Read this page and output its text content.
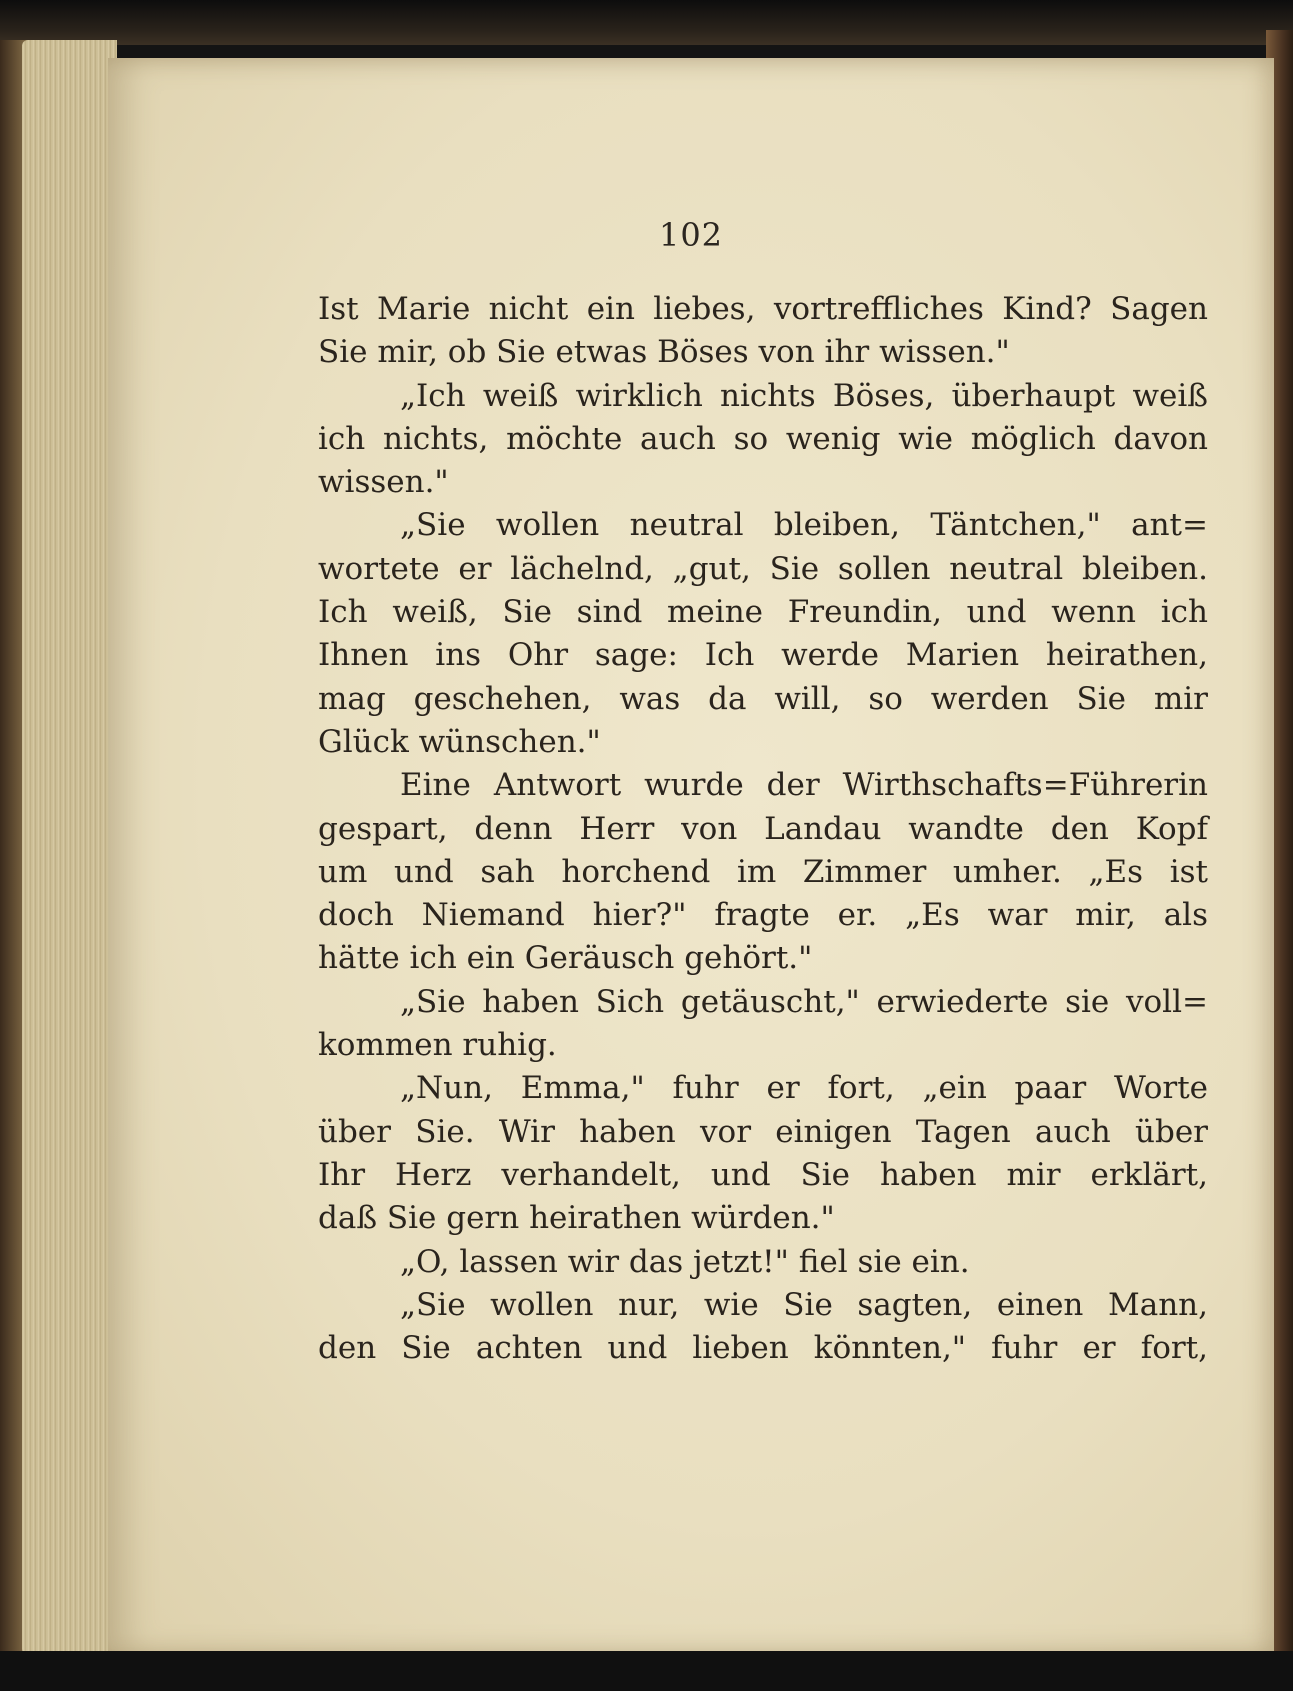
102
Ist Marie nicht ein liebes, vortreffliches Kind? Sagen
Sie mir, ob Sie etwas Böses von ihr wissen."
„Ich weiß wirklich nichts Böses, überhaupt weiß
ich nichts, möchte auch so wenig wie möglich davon
wissen."
„Sie wollen neutral bleiben, Täntchen," ant=
wortete er lächelnd, „gut, Sie sollen neutral bleiben.
Ich weiß, Sie sind meine Freundin, und wenn ich
Ihnen ins Ohr sage: Ich werde Marien heirathen,
mag geschehen, was da will, so werden Sie mir
Glück wünschen."
Eine Antwort wurde der Wirthschafts=Führerin
gespart, denn Herr von Landau wandte den Kopf
um und sah horchend im Zimmer umher. „Es ist
doch Niemand hier?" fragte er. „Es war mir, als
hätte ich ein Geräusch gehört."
„Sie haben Sich getäuscht," erwiederte sie voll=
kommen ruhig.
„Nun, Emma," fuhr er fort, „ein paar Worte
über Sie. Wir haben vor einigen Tagen auch über
Ihr Herz verhandelt, und Sie haben mir erklärt,
daß Sie gern heirathen würden."
„O, lassen wir das jetzt!" fiel sie ein.
„Sie wollen nur, wie Sie sagten, einen Mann,
den Sie achten und lieben könnten," fuhr er fort,
